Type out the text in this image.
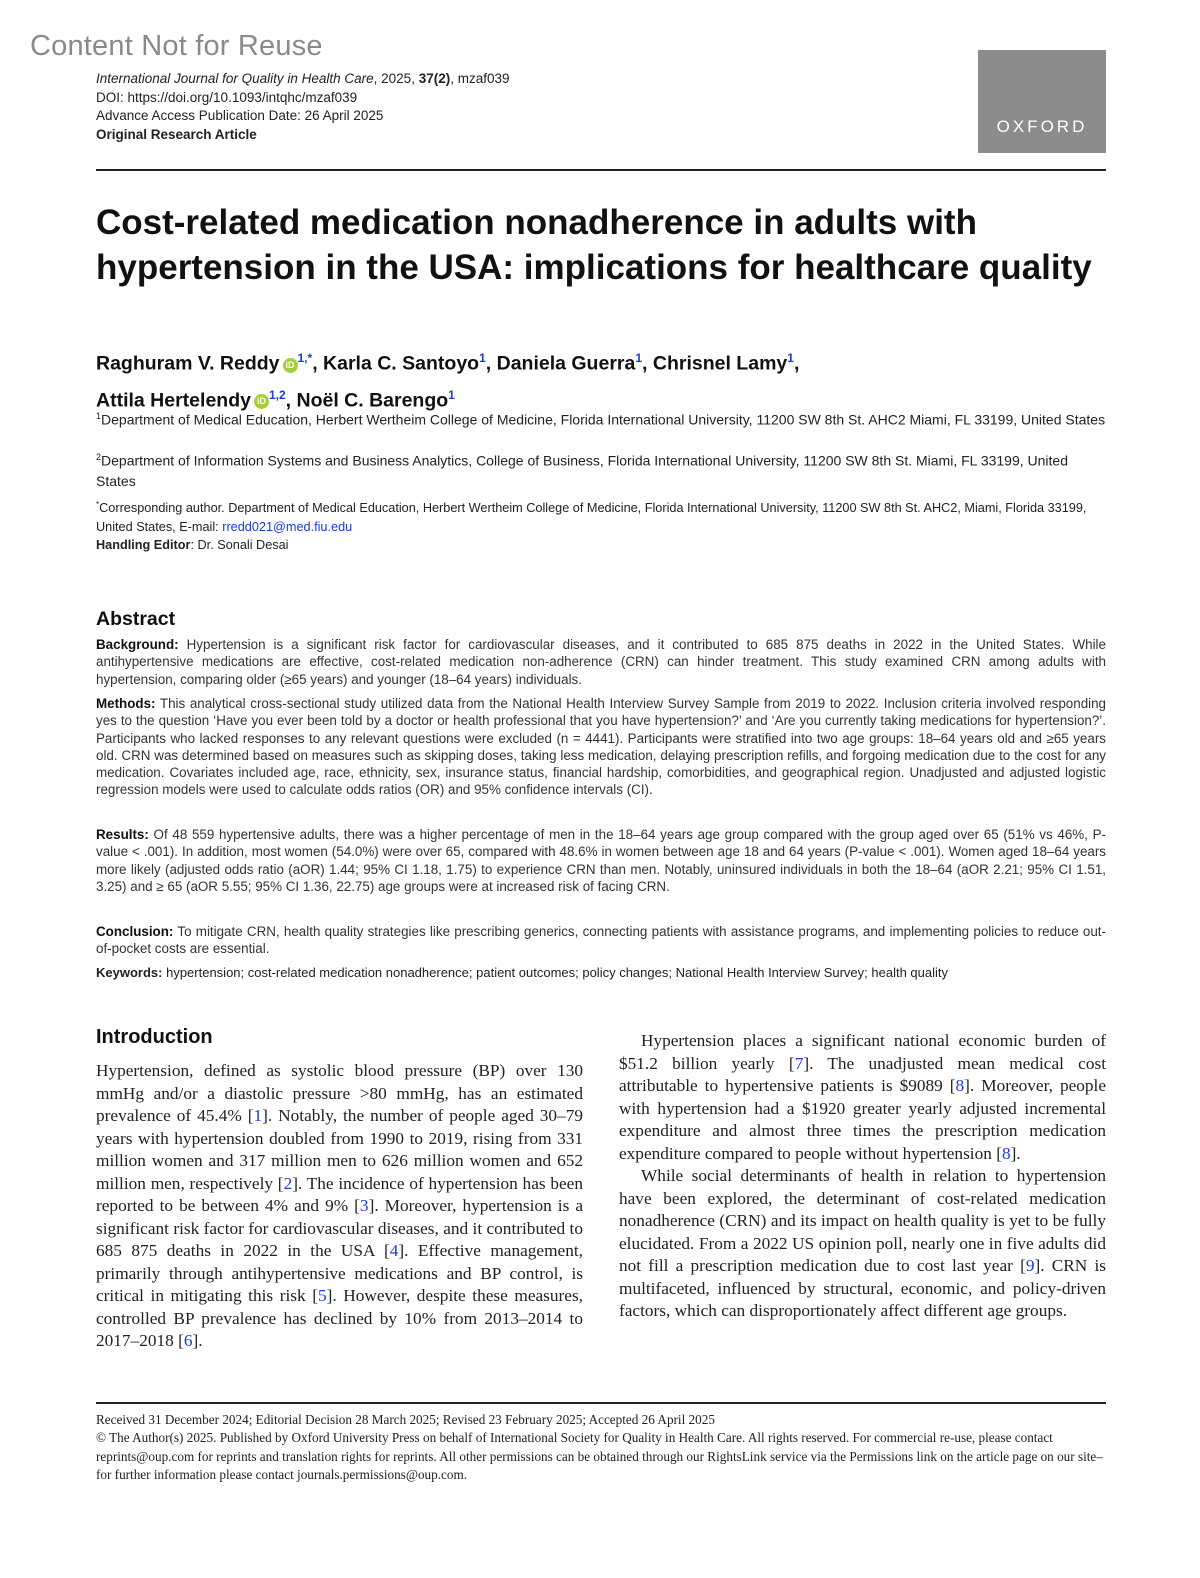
Content Not for Reuse
International Journal for Quality in Health Care, 2025, 37(2), mzaf039
DOI: https://doi.org/10.1093/intqhc/mzaf039
Advance Access Publication Date: 26 April 2025
Original Research Article	OXFORD
Cost-related medication nonadherence in adults with hypertension in the USA: implications for healthcare quality
Raghuram V. Reddy iD $^{1,*}$, Karla C. Santoyo$^1$, Daniela Guerra$^1$, Chrisnel Lamy$^1$,
Attila Hertelendy iD $^{1,2}$, Noël C. Barengo$^1$
$^1$Department of Medical Education, Herbert Wertheim College of Medicine, Florida International University, 11200 SW 8th St. AHC2 Miami, FL 33199, United States
$^2$Department of Information Systems and Business Analytics, College of Business, Florida International University, 11200 SW 8th St. Miami, FL 33199, United States
*Corresponding author. Department of Medical Education, Herbert Wertheim College of Medicine, Florida International University, 11200 SW 8th St. AHC2, Miami, Florida 33199, United States, E-mail: rredd021@med.fiu.edu
Handling Editor: Dr. Sonali Desai
Abstract

Background: Hypertension is a significant risk factor for cardiovascular diseases, and it contributed to 685 875 deaths in 2022 in the United States. While antihypertensive medications are effective, cost-related medication non-adherence (CRN) can hinder treatment. This study examined CRN among adults with hypertension, comparing older (≥65 years) and younger (18–64 years) individuals.

Methods: This analytical cross-sectional study utilized data from the National Health Interview Survey Sample from 2019 to 2022. Inclusion criteria involved responding yes to the question ‘Have you ever been told by a doctor or health professional that you have hypertension?’ and ‘Are you currently taking medications for hypertension?’. Participants who lacked responses to any relevant questions were excluded (n = 4441). Participants were stratified into two age groups: 18–64 years old and ≥65 years old. CRN was determined based on measures such as skipping doses, taking less medication, delaying prescription refills, and forgoing medication due to the cost for any medication. Covariates included age, race, ethnicity, sex, insurance status, financial hardship, comorbidities, and geographical region. Unadjusted and adjusted logistic regression models were used to calculate odds ratios (OR) and 95% confidence intervals (CI).

Results: Of 48 559 hypertensive adults, there was a higher percentage of men in the 18–64 years age group compared with the group aged over 65 (51% vs 46%, P-value < .001). In addition, most women (54.0%) were over 65, compared with 48.6% in women between age 18 and 64 years (P-value < .001). Women aged 18–64 years more likely (adjusted odds ratio (aOR) 1.44; 95% CI 1.18, 1.75) to experience CRN than men. Notably, uninsured individuals in both the 18–64 (aOR 2.21; 95% CI 1.51, 3.25) and ≥ 65 (aOR 5.55; 95% CI 1.36, 22.75) age groups were at increased risk of facing CRN.

Conclusion: To mitigate CRN, health quality strategies like prescribing generics, connecting patients with assistance programs, and implementing policies to reduce out-of-pocket costs are essential.

Keywords: hypertension; cost-related medication nonadherence; patient outcomes; policy changes; National Health Interview Survey; health quality
Introduction

Hypertension, defined as systolic blood pressure (BP) over 130 mmHg and/or a diastolic pressure >80 mmHg, has an estimated prevalence of 45.4% [1]. Notably, the number of people aged 30–79 years with hypertension doubled from 1990 to 2019, rising from 331 million women and 317 million men to 626 million women and 652 million men, respectively [2]. The incidence of hypertension has been reported to be between 4% and 9% [3]. Moreover, hypertension is a significant risk factor for cardiovascular diseases, and it contributed to 685 875 deaths in 2022 in the USA [4]. Effective management, primarily through antihypertensive medications and BP control, is critical in mitigating this risk [5]. However, despite these measures, controlled BP prevalence has declined by 10% from 2013–2014 to 2017–2018 [6].

Hypertension places a significant national economic burden of $51.2 billion yearly [7]. The unadjusted mean medical cost attributable to hypertensive patients is $9089 [8]. Moreover, people with hypertension had a $1920 greater yearly adjusted incremental expenditure and almost three times the prescription medication expenditure compared to people without hypertension [8].

While social determinants of health in relation to hypertension have been explored, the determinant of cost-related medication nonadherence (CRN) and its impact on health quality is yet to be fully elucidated. From a 2022 US opinion poll, nearly one in five adults did not fill a prescription medication due to cost last year [9]. CRN is multifaceted, influenced by structural, economic, and policy-driven factors, which can disproportionately affect different age groups.

Received 31 December 2024; Editorial Decision 28 March 2025; Revised 23 February 2025; Accepted 26 April 2025

© The Author(s) 2025. Published by Oxford University Press on behalf of International Society for Quality in Health Care. All rights reserved. For commercial re-use, please contact reprints@oup.com for reprints and translation rights for reprints. All other permissions can be obtained through our RightsLink service via the Permissions link on the article page on our site–for further information please contact journals.permissions@oup.com.
